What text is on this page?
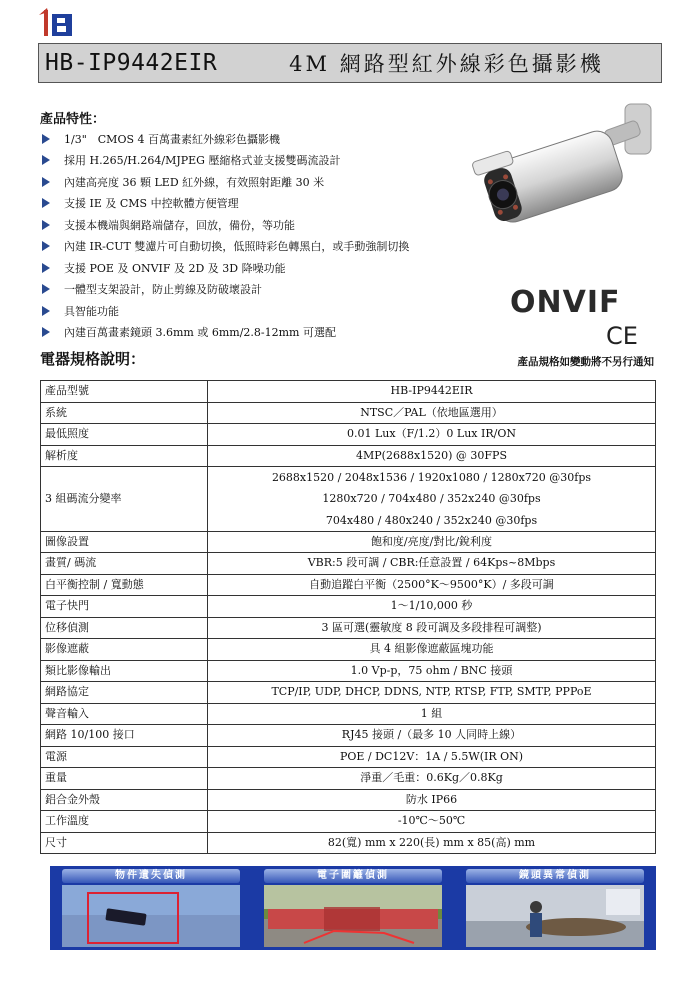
HB-IP9442EIR	4M 網路型紅外線彩色攝影機
產品特性：
1/3"　CMOS 4 百萬畫素紅外線彩色攝影機
採用 H.265/H.264/MJPEG 壓縮格式並支援雙碼流設計
內建高亮度 36 顆 LED 紅外線，有效照射距離 30 米
支援 IE 及 CMS 中控軟體方便管理
支援本機端與網路端儲存，回放，備份，等功能
內建 IR-CUT 雙濾片可自動切換，低照時彩色轉黑白，或手動強制切換
支援 POE 及 ONVIF 及 2D 及 3D 降噪功能
一體型支架設計，防止剪線及防破壞設計
具智能功能
內建百萬畫素鏡頭 3.6mm 或 6mm/2.8-12mm 可選配
ONVIF
CE
電器規格說明：	產品規格如變動將不另行通知
產品型號	HB-IP9442EIR
系統	NTSC／PAL（依地區選用）
最低照度	0.01 Lux（F/1.2）0 Lux IR/ON
解析度	4MP(2688x1520) @ 30FPS
3 組碼流分變率	2688x1520 / 2048x1536 / 1920x1080 / 1280x720 @30fps
1280x720 / 704x480 / 352x240 @30fps
704x480 / 480x240 / 352x240 @30fps

圖像設置	飽和度/亮度/對比/銳利度
畫質/ 碼流	VBR:5 段可調 / CBR:任意設置 / 64Kps~8Mbps
白平衡控制 / 寬動態	自動追蹤白平衡（2500°K～9500°K）/ 多段可調
電子快門	1～1/10,000 秒
位移偵測	3 區可選(靈敏度 8 段可調及多段排程可調整)
影像遮蔽	具 4 組影像遮蔽區塊功能
類比影像輸出	1.0 Vp-p，75 ohm / BNC 接頭
網路協定	TCP/IP, UDP, DHCP, DDNS, NTP, RTSP, FTP, SMTP, PPPoE
聲音輸入	1 組
網路 10/100 接口	RJ45 接頭 /（最多 10 人同時上線）
電源	POE / DC12V：1A / 5.5W(IR ON)
重量	淨重／毛重：0.6Kg／0.8Kg
鋁合金外殼	防水 IP66
工作溫度	-10℃～50℃
尺寸	82(寬) mm x 220(長) mm x 85(高) mm
物件遺失偵測	電子圍籬偵測	鏡頭異常偵測
